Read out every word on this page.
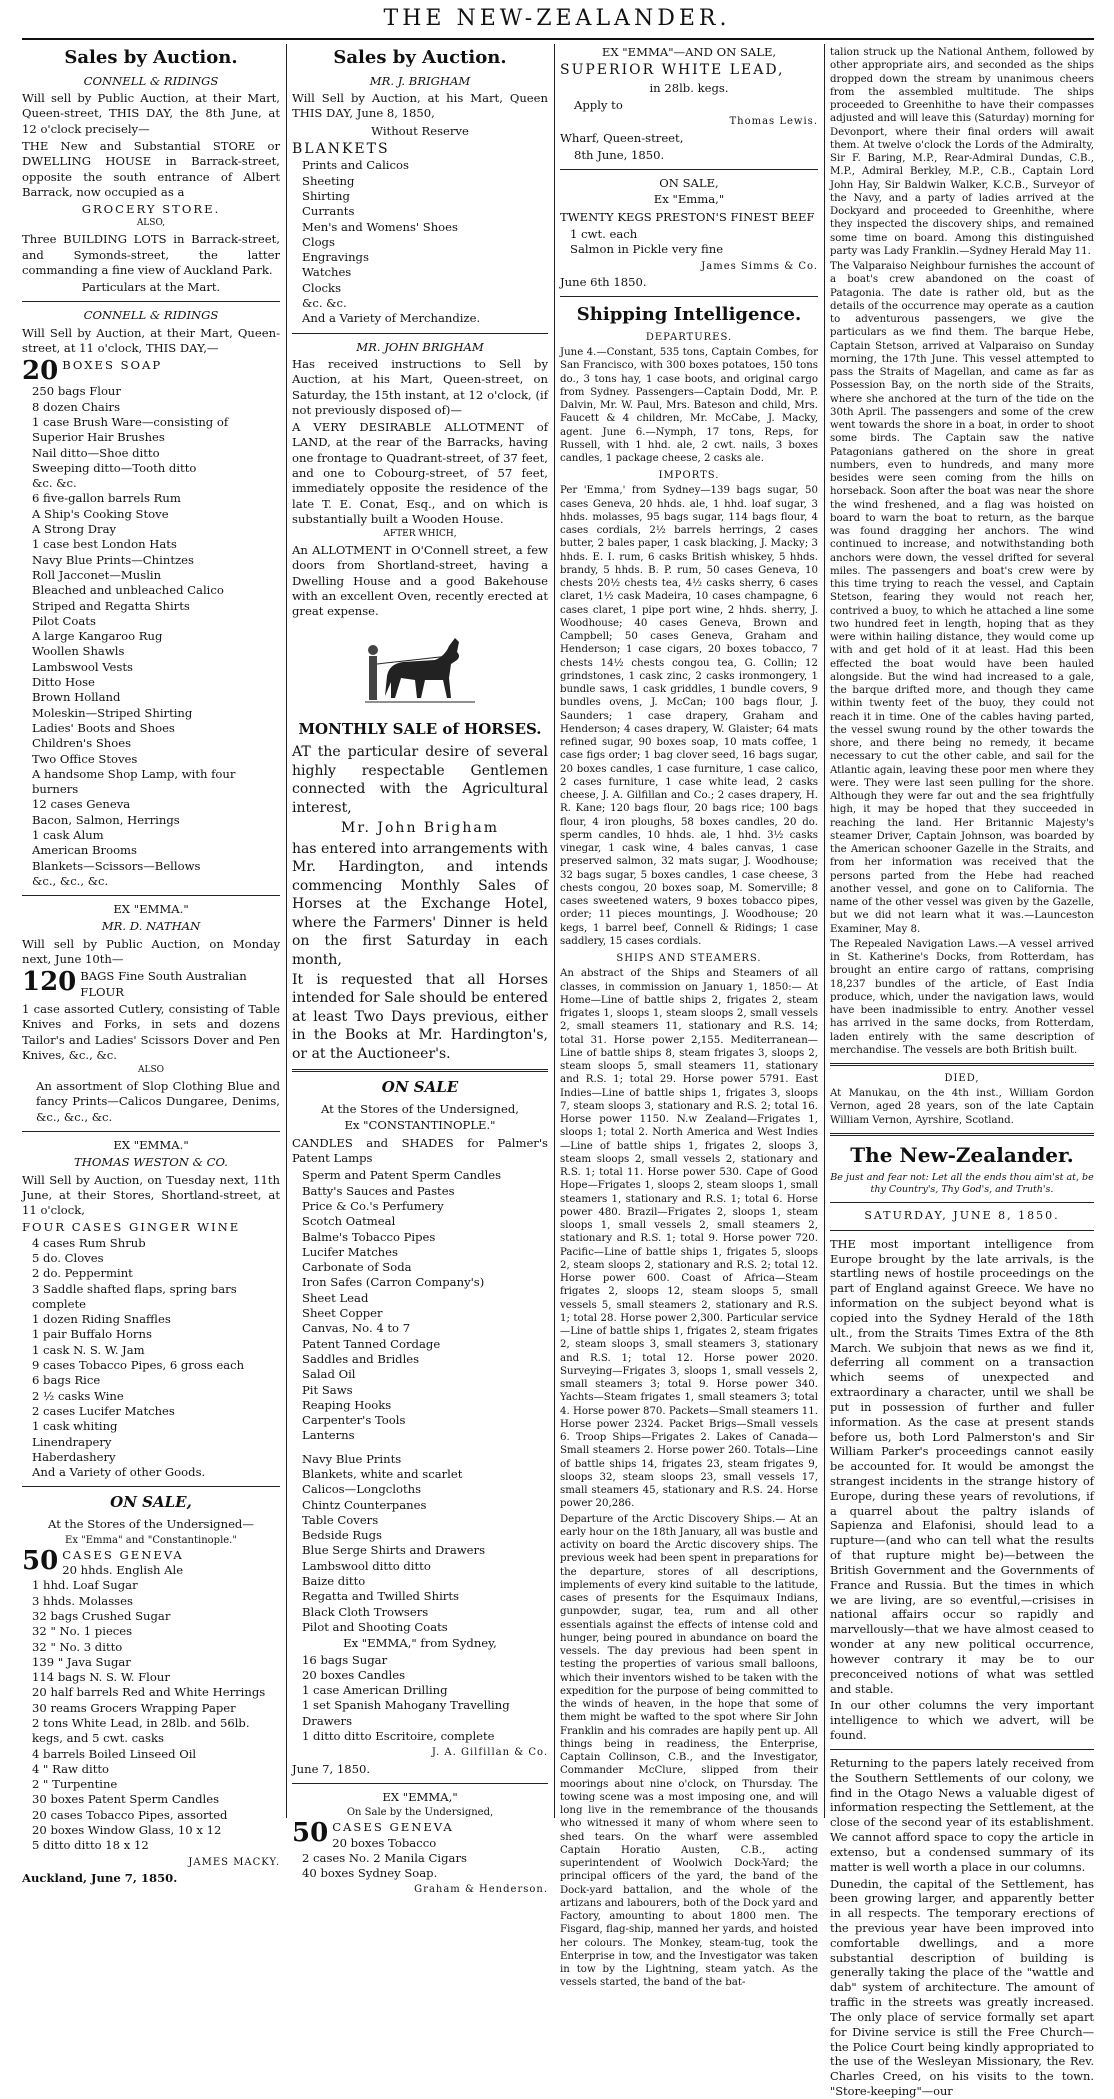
THE NEW-ZEALANDER.
Sales by Auction.
CONNELL & RIDINGS
Will sell by Public Auction, at their Mart, Queen-street, THIS DAY, the 8th June, at 12 o'clock precisely—
THE New and Substantial STORE or DWELLING HOUSE in Barrack-street, opposite the south entrance of Albert Barrack, now occupied as a
GROCERY STORE.
ALSO,
Three BUILDING LOTS in Barrack-street, and Symonds-street, the latter commanding a fine view of Auckland Park.
Particulars at the Mart.
CONNELL & RIDINGS
Will Sell by Auction, at their Mart, Queen-street, at 11 o'clock, THIS DAY,—
20 BOXES SOAP
250 bags Flour
8 dozen Chairs
1 case Brush Ware—consisting of
Superior Hair Brushes
Nail ditto—Shoe ditto
Sweeping ditto—Tooth ditto
&c. &c.
6 five-gallon barrels Rum
A Ship's Cooking Stove
A Strong Dray
1 case best London Hats
Navy Blue Prints—Chintzes
Roll Jacconet—Muslin
Bleached and unbleached Calico
Striped and Regatta Shirts
Pilot Coats
A large Kangaroo Rug
Woollen Shawls
Lambswool Vests
Ditto Hose
Brown Holland
Moleskin—Striped Shirting
Ladies' Boots and Shoes
Children's Shoes
Two Office Stoves
A handsome Shop Lamp, with four burners
12 cases Geneva
Bacon, Salmon, Herrings
1 cask Alum
American Brooms
Blankets—Scissors—Bellows
&c., &c., &c.
EX "EMMA."
MR. D. NATHAN
Will sell by Public Auction, on Monday next, June 10th—
120 BAGS Fine South Australian FLOUR
1 case assorted Cutlery, consisting of Table Knives and Forks, in sets and dozens Tailor's and Ladies' Scissors Dover and Pen Knives, &c., &c.
ALSO
An assortment of Slop Clothing Blue and fancy Prints—Calicos Dungaree, Denims, &c., &c., &c.
EX "EMMA."
THOMAS WESTON & CO.
Will Sell by Auction, on Tuesday next, 11th June, at their Stores, Shortland-street, at 11 o'clock,
FOUR CASES GINGER WINE
4 cases Rum Shrub
5 do. Cloves
2 do. Peppermint
3 Saddle shafted flaps, spring bars complete
1 dozen Riding Snaffles
1 pair Buffalo Horns
1 cask N. S. W. Jam
9 cases Tobacco Pipes, 6 gross each
6 bags Rice
2 ½ casks Wine
2 cases Lucifer Matches
1 cask whiting
Linendrapery
Haberdashery
And a Variety of other Goods.
ON SALE,
At the Stores of the Undersigned—
Ex "Emma" and "Constantinople."
50 CASES GENEVA
20 hhds. English Ale
1 hhd. Loaf Sugar
3 hhds. Molasses
32 bags Crushed Sugar
32 " No. 1 pieces
32 " No. 3 ditto
139 " Java Sugar
114 bags N. S. W. Flour
20 half barrels Red and White Herrings
30 reams Grocers Wrapping Paper
2 tons White Lead, in 28lb. and 56lb. kegs, and 5 cwt. casks
4 barrels Boiled Linseed Oil
4 " Raw ditto
2 " Turpentine
30 boxes Patent Sperm Candles
20 cases Tobacco Pipes, assorted
20 boxes Window Glass, 10 x 12
5 ditto ditto 18 x 12
JAMES MACKY.
Auckland, June 7, 1850.
Sales by Auction.
MR. J. BRIGHAM
Will Sell by Auction, at his Mart, Queen THIS DAY, June 8, 1850,
Without Reserve
BLANKETS
Prints and Calicos
Sheeting
Shirting
Currants
Men's and Womens' Shoes
Clogs
Engravings
Watches
Clocks
&c. &c.
And a Variety of Merchandize.
MR. JOHN BRIGHAM
Has received instructions to Sell by Auction, at his Mart, Queen-street, on Saturday, the 15th instant, at 12 o'clock, (if not previously disposed of)—
A VERY DESIRABLE ALLOTMENT of LAND, at the rear of the Barracks, having one frontage to Quadrant-street, of 37 feet, and one to Cobourg-street, of 57 feet, immediately opposite the residence of the late T. E. Conat, Esq., and on which is substantially built a Wooden House.
AFTER WHICH,
An ALLOTMENT in O'Connell street, a few doors from Shortland-street, having a Dwelling House and a good Bakehouse with an excellent Oven, recently erected at great expense.
MONTHLY SALE of HORSES.
AT the particular desire of several highly respectable Gentlemen connected with the Agricultural interest,
Mr. John Brigham
has entered into arrangements with Mr. Hardington, and intends commencing Monthly Sales of Horses at the Exchange Hotel, where the Farmers' Dinner is held on the first Saturday in each month,
It is requested that all Horses intended for Sale should be entered at least Two Days previous, either in the Books at Mr. Hardington's, or at the Auctioneer's.
ON SALE
At the Stores of the Undersigned,
Ex "CONSTANTINOPLE."
CANDLES and SHADES for Palmer's Patent Lamps
Sperm and Patent Sperm Candles
Batty's Sauces and Pastes
Price & Co.'s Perfumery
Scotch Oatmeal
Balme's Tobacco Pipes
Lucifer Matches
Carbonate of Soda
Iron Safes (Carron Company's)
Sheet Lead
Sheet Copper
Canvas, No. 4 to 7
Patent Tanned Cordage
Saddles and Bridles
Salad Oil
Pit Saws
Reaping Hooks
Carpenter's Tools
Lanterns
Navy Blue Prints
Blankets, white and scarlet
Calicos—Longcloths
Chintz Counterpanes
Table Covers
Bedside Rugs
Blue Serge Shirts and Drawers
Lambswool ditto ditto
Baize ditto
Regatta and Twilled Shirts
Black Cloth Trowsers
Pilot and Shooting Coats
Ex "EMMA," from Sydney,
16 bags Sugar
20 boxes Candles
1 case American Drilling
1 set Spanish Mahogany Travelling Drawers
1 ditto ditto Escritoire, complete
J. A. Gilfillan & Co.
June 7, 1850.
EX "EMMA,"
On Sale by the Undersigned,
50 CASES GENEVA
20 boxes Tobacco
2 cases No. 2 Manila Cigars
40 boxes Sydney Soap.
Graham & Henderson.
EX "EMMA"—AND ON SALE,
SUPERIOR WHITE LEAD,
in 28lb. kegs.
Apply to
Thomas Lewis.
Wharf, Queen-street,
8th June, 1850.
ON SALE,
Ex "Emma,"
TWENTY KEGS PRESTON'S FINEST BEEF
1 cwt. each
Salmon in Pickle very fine
James Simms & Co.
June 6th 1850.
Shipping Intelligence.
DEPARTURES.
June 4.—Constant, 535 tons, Captain Combes, for San Francisco, with 300 boxes potatoes, 150 tons do., 3 tons hay, 1 case boots, and original cargo from Sydney. Passengers—Captain Dodd, Mr. P. Dalvin, Mr. W. Paul, Mrs. Bateson and child, Mrs. Faucett & 4 children, Mr. McCabe, J. Macky, agent. June 6.—Nymph, 17 tons, Reps, for Russell, with 1 hhd. ale, 2 cwt. nails, 3 boxes candles, 1 package cheese, 2 casks ale.
IMPORTS.
Per 'Emma,' from Sydney—139 bags sugar, 50 cases Geneva, 20 hhds. ale, 1 hhd. loaf sugar, 3 hhds. molasses, 95 bags sugar, 114 bags flour, 4 cases cordials, 2½ barrels herrings, 2 cases butter, 2 bales paper, 1 cask blacking, J. Macky; 3 hhds. E. I. rum, 6 casks British whiskey, 5 hhds. brandy, 5 hhds. B. P. rum, 50 cases Geneva, 10 chests 20½ chests tea, 4½ casks sherry, 6 cases claret, 1½ cask Madeira, 10 cases champagne, 6 cases claret, 1 pipe port wine, 2 hhds. sherry, J. Woodhouse; 40 cases Geneva, Brown and Campbell; 50 cases Geneva, Graham and Henderson; 1 case cigars, 20 boxes tobacco, 7 chests 14½ chests congou tea, G. Collin; 12 grindstones, 1 cask zinc, 2 casks ironmongery, 1 bundle saws, 1 cask griddles, 1 bundle covers, 9 bundles ovens, J. McCan; 100 bags flour, J. Saunders; 1 case drapery, Graham and Henderson; 4 cases drapery, W. Glaister; 64 mats refined sugar, 90 boxes soap, 10 mats coffee, 1 case figs order; 1 bag clover seed, 16 bags sugar, 20 boxes candles, 1 case furniture, 1 case calico, 2 cases furniture, 1 case white lead, 2 casks cheese, J. A. Gilfillan and Co.; 2 cases drapery, H. R. Kane; 120 bags flour, 20 bags rice; 100 bags flour, 4 iron ploughs, 58 boxes candles, 20 do. sperm candles, 10 hhds. ale, 1 hhd. 3½ casks vinegar, 1 cask wine, 4 bales canvas, 1 case preserved salmon, 32 mats sugar, J. Woodhouse; 32 bags sugar, 5 boxes candles, 1 case cheese, 3 chests congou, 20 boxes soap, M. Somerville; 8 cases sweetened waters, 9 boxes tobacco pipes, order; 11 pieces mountings, J. Woodhouse; 20 kegs, 1 barrel beef, Connell & Ridings; 1 case saddlery, 15 cases cordials.
SHIPS AND STEAMERS.
An abstract of the Ships and Steamers of all classes, in commission on January 1, 1850:— At Home—Line of battle ships 2, frigates 2, steam frigates 1, sloops 1, steam sloops 2, small vessels 2, small steamers 11, stationary and R.S. 14; total 31. Horse power 2,155. Mediterranean—Line of battle ships 8, steam frigates 3, sloops 2, steam sloops 5, small steamers 11, stationary and R.S. 1; total 29. Horse power 5791. East Indies—Line of battle ships 1, frigates 3, sloops 7, steam sloops 3, stationary and R.S. 2; total 16. Horse power 1150. N.w Zealand—Frigates 1, sloops 1; total 2. North America and West Indies—Line of battle ships 1, frigates 2, sloops 3, steam sloops 2, small vessels 2, stationary and R.S. 1; total 11. Horse power 530. Cape of Good Hope—Frigates 1, sloops 2, steam sloops 1, small steamers 1, stationary and R.S. 1; total 6. Horse power 480. Brazil—Frigates 2, sloops 1, steam sloops 1, small vessels 2, small steamers 2, stationary and R.S. 1; total 9. Horse power 720. Pacific—Line of battle ships 1, frigates 5, sloops 2, steam sloops 2, stationary and R.S. 2; total 12. Horse power 600. Coast of Africa—Steam frigates 2, sloops 12, steam sloops 5, small vessels 5, small steamers 2, stationary and R.S. 1; total 28. Horse power 2,300. Particular service—Line of battle ships 1, frigates 2, steam frigates 2, steam sloops 3, small steamers 3, stationary and R.S. 1; total 12. Horse power 2020. Surveying—Frigates 3, sloops 1, small vessels 2, small steamers 3; total 9. Horse power 340. Yachts—Steam frigates 1, small steamers 3; total 4. Horse power 870. Packets—Small steamers 11. Horse power 2324. Packet Brigs—Small vessels 6. Troop Ships—Frigates 2. Lakes of Canada—Small steamers 2. Horse power 260. Totals—Line of battle ships 14, frigates 23, steam frigates 9, sloops 32, steam sloops 23, small vessels 17, small steamers 45, stationary and R.S. 24. Horse power 20,286.
Departure of the Arctic Discovery Ships.— At an early hour on the 18th January, all was bustle and activity on board the Arctic discovery ships. The previous week had been spent in preparations for the departure, stores of all descriptions, implements of every kind suitable to the latitude, cases of presents for the Esquimaux Indians, gunpowder, sugar, tea, rum and all other essentials against the effects of intense cold and hunger, being poured in abundance on board the vessels. The day previous had been spent in testing the properties of various small balloons, which their inventors wished to be taken with the expedition for the purpose of being committed to the winds of heaven, in the hope that some of them might be wafted to the spot where Sir John Franklin and his comrades are hapily pent up. All things being in readiness, the Enterprise, Captain Collinson, C.B., and the Investigator, Commander McClure, slipped from their moorings about nine o'clock, on Thursday. The towing scene was a most imposing one, and will long live in the remembrance of the thousands who witnessed it many of whom where seen to shed tears. On the wharf were assembled Captain Horatio Austen, C.B., acting superintendent of Woolwich Dock-Yard; the principal officers of the yard, the band of the Dock-yard battalion, and the whole of the artizans and labourers, both of the Dock yard and Factory, amounting to about 1800 men. The Fisgard, flag-ship, manned her yards, and hoisted her colours. The Monkey, steam-tug, took the Enterprise in tow, and the Investigator was taken in tow by the Lightning, steam yatch. As the vessels started, the band of the bat-
talion struck up the National Anthem, followed by other appropriate airs, and seconded as the ships dropped down the stream by unanimous cheers from the assembled multitude. The ships proceeded to Greenhithe to have their compasses adjusted and will leave this (Saturday) morning for Devonport, where their final orders will await them. At twelve o'clock the Lords of the Admiralty, Sir F. Baring, M.P., Rear-Admiral Dundas, C.B., M.P., Admiral Berkley, M.P., C.B., Captain Lord John Hay, Sir Baldwin Walker, K.C.B., Surveyor of the Navy, and a party of ladies arrived at the Dockyard and proceeded to Greenhithe, where they inspected the discovery ships, and remained some time on board. Among this distinguished party was Lady Franklin.—Sydney Herald May 11.
The Valparaiso Neighbour furnishes the account of a boat's crew abandoned on the coast of Patagonia. The date is rather old, but as the details of the occurrence may operate as a caution to adventurous passengers, we give the particulars as we find them. The barque Hebe, Captain Stetson, arrived at Valparaiso on Sunday morning, the 17th June. This vessel attempted to pass the Straits of Magellan, and came as far as Possession Bay, on the north side of the Straits, where she anchored at the turn of the tide on the 30th April. The passengers and some of the crew went towards the shore in a boat, in order to shoot some birds. The Captain saw the native Patagonians gathered on the shore in great numbers, even to hundreds, and many more besides were seen coming from the hills on horseback. Soon after the boat was near the shore the wind freshened, and a flag was hoisted on board to warn the boat to return, as the barque was found dragging her anchors. The wind continued to increase, and notwithstanding both anchors were down, the vessel drifted for several miles. The passengers and boat's crew were by this time trying to reach the vessel, and Captain Stetson, fearing they would not reach her, contrived a buoy, to which he attached a line some two hundred feet in length, hoping that as they were within hailing distance, they would come up with and get hold of it at least. Had this been effected the boat would have been hauled alongside. But the wind had increased to a gale, the barque drifted more, and though they came within twenty feet of the buoy, they could not reach it in time. One of the cables having parted, the vessel swung round by the other towards the shore, and there being no remedy, it became necessary to cut the other cable, and sail for the Atlantic again, leaving these poor men where they were. They were last seen pulling for the shore. Although they were far out and the sea frightfully high, it may be hoped that they succeeded in reaching the land. Her Britannic Majesty's steamer Driver, Captain Johnson, was boarded by the American schooner Gazelle in the Straits, and from her information was received that the persons parted from the Hebe had reached another vessel, and gone on to California. The name of the other vessel was given by the Gazelle, but we did not learn what it was.—Launceston Examiner, May 8.
The Repealed Navigation Laws.—A vessel arrived in St. Katherine's Docks, from Rotterdam, has brought an entire cargo of rattans, comprising 18,237 bundles of the article, of East India produce, which, under the navigation laws, would have been inadmissible to entry. Another vessel has arrived in the same docks, from Rotterdam, laden entirely with the same description of merchandise. The vessels are both British built.
DIED,
At Manukau, on the 4th inst., William Gordon Vernon, aged 28 years, son of the late Captain William Vernon, Ayrshire, Scotland.
The New-Zealander.
Be just and fear not: Let all the ends thou aim'st at, be thy Country's, Thy God's, and Truth's.
SATURDAY, JUNE 8, 1850.
THE most important intelligence from Europe brought by the late arrivals, is the startling news of hostile proceedings on the part of England against Greece. We have no information on the subject beyond what is copied into the Sydney Herald of the 18th ult., from the Straits Times Extra of the 8th March. We subjoin that news as we find it, deferring all comment on a transaction which seems of unexpected and extraordinary a character, until we shall be put in possession of further and fuller information. As the case at present stands before us, both Lord Palmerston's and Sir William Parker's proceedings cannot easily be accounted for. It would be amongst the strangest incidents in the strange history of Europe, during these years of revolutions, if a quarrel about the paltry islands of Sapienza and Elafonisi, should lead to a rupture—(and who can tell what the results of that rupture might be)—between the British Government and the Governments of France and Russia. But the times in which we are living, are so eventful,—crisises in national affairs occur so rapidly and marvellously—that we have almost ceased to wonder at any new political occurrence, however contrary it may be to our preconceived notions of what was settled and stable.
In our other columns the very important intelligence to which we advert, will be found.
Returning to the papers lately received from the Southern Settlements of our colony, we find in the Otago News a valuable digest of information respecting the Settlement, at the close of the second year of its establishment. We cannot afford space to copy the article in extenso, but a condensed summary of its matter is well worth a place in our columns.
Dunedin, the capital of the Settlement, has been growing larger, and apparently better in all respects. The temporary erections of the previous year have been improved into comfortable dwellings, and a more substantial description of building is generally taking the place of the "wattle and dab" system of architecture. The amount of traffic in the streets was greatly increased. The only place of service formally set apart for Divine service is still the Free Church—the Police Court being kindly appropriated to the use of the Wesleyan Missionary, the Rev. Charles Creed, on his visits to the town. "Store-keeping"—our
